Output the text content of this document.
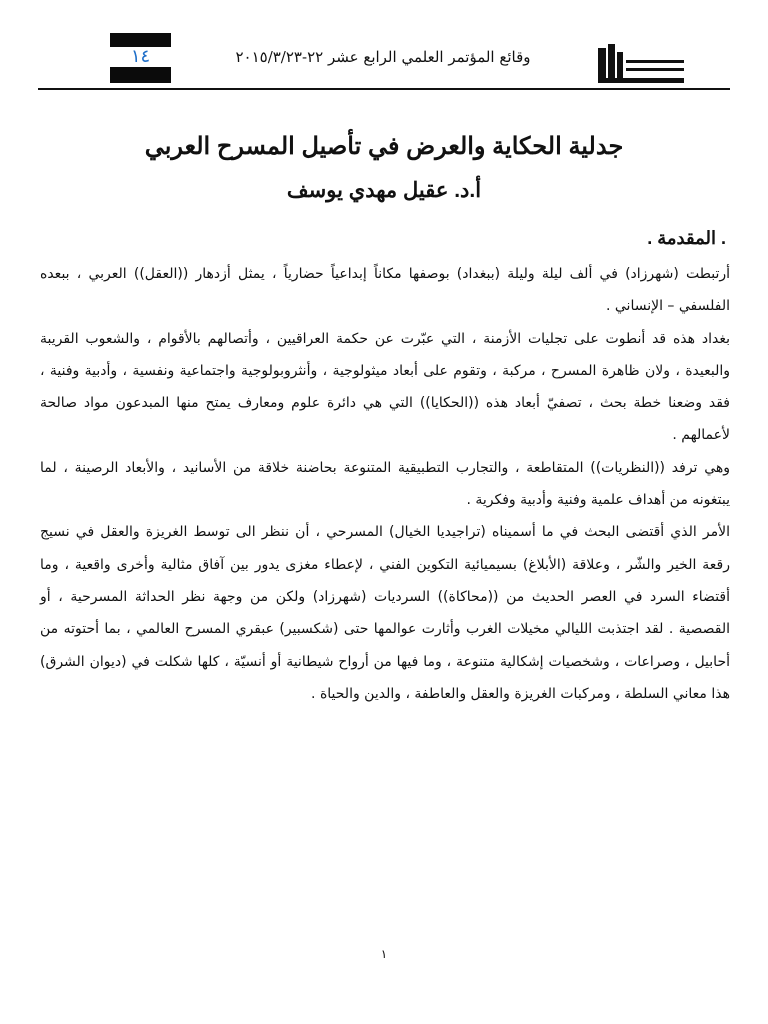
وقائع المؤتمر العلمي الرابع عشر ٢٢-٢٠١٥/٣/٢٣
١٤
جدلية الحكاية والعرض في تأصيل المسرح العربي
أ.د. عقيل مهدي يوسف
. المقدمة .

أرتبطت (شهرزاد) في ألف ليلة وليلة (ببغداد) بوصفها مكاناً إبداعياً حضارياً ، يمثل أزدهار ((العقل)) العربي ، ببعده الفلسفي – الإنساني .

بغداد هذه قد أنطوت على تجليات الأزمنة ، التي عبّرت عن حكمة العراقيين ، وأتصالهم بالأقوام ، والشعوب القريبة والبعيدة ، ولان ظاهرة المسرح ، مركبة ، وتقوم على أبعاد ميثولوجية ، وأنثروبولوجية واجتماعية ونفسية ، وأدبية وفنية ، فقد وضعنا خطة بحث ، تصفيّ أبعاد هذه ((الحكايا)) التي هي دائرة علوم ومعارف يمتح منها المبدعون مواد صالحة لأعمالهم .

وهي ترفد ((النظريات)) المتقاطعة ، والتجارب التطبيقية المتنوعة بحاضنة خلاقة من الأسانيد ، والأبعاد الرصينة ، لما يبتغونه من أهداف علمية وفنية وأدبية وفكرية .

الأمر الذي أقتضى البحث في ما أسميناه (تراجيديا الخيال) المسرحي ، أن ننظر الى توسط الغريزة والعقل في نسيج رقعة الخير والشّر ، وعلاقة (الأبلاغ) بسيميائية التكوين الفني ، لإعطاء مغزى يدور بين آفاق مثالية وأخرى واقعية ، وما أقتضاء السرد في العصر الحديث من ((محاكاة)) السرديات (شهرزاد) ولكن من وجهة نظر الحداثة المسرحية ، أو القصصية . لقد اجتذبت الليالي مخيلات الغرب وأثارت عوالمها حتى (شكسبير) عبقري المسرح العالمي ، بما أحتوته من أحابيل ، وصراعات ، وشخصيات إشكالية متنوعة ، وما فيها من أرواح شيطانية أو أنسيّة ، كلها شكلت في (ديوان الشرق) هذا معاني السلطة ، ومركبات الغريزة والعقل والعاطفة ، والدين والحياة .

١
